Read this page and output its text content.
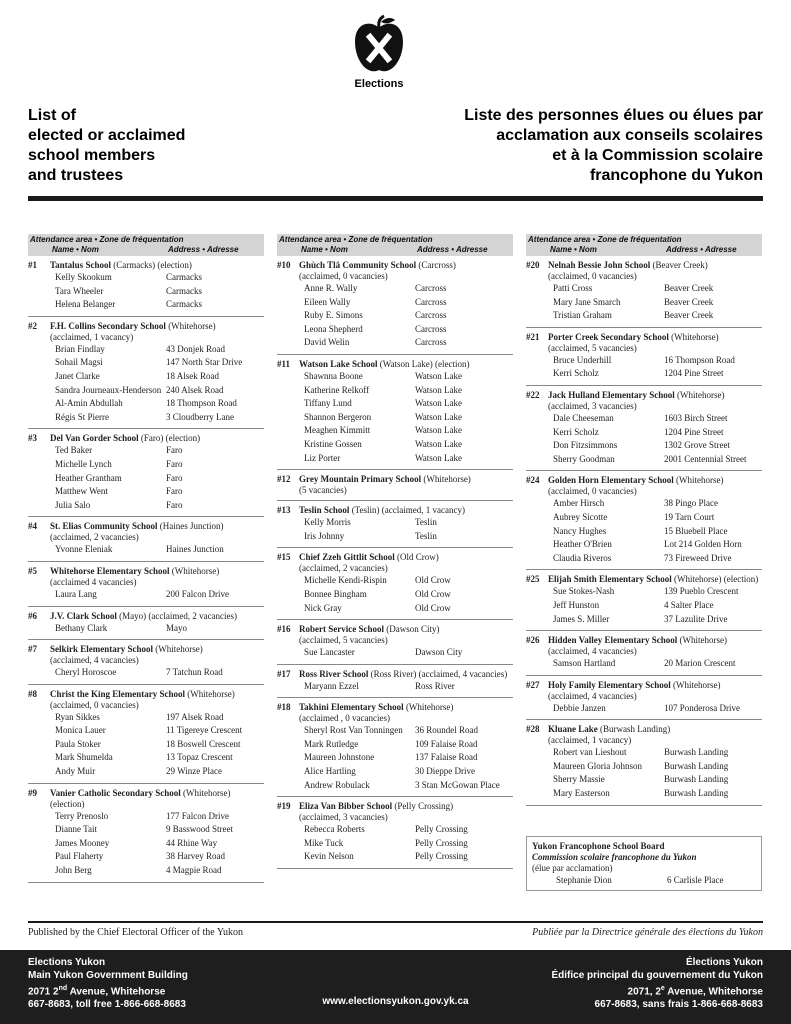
Elections
List of
elected or acclaimed
school members
and trustees
Liste des personnes élues ou élues par
acclamation aux conseils scolaires
et à la Commission scolaire
francophone du Yukon
Attendance area • Zone de fréquentation
Name • Nom	Address • Adresse
#1	Tantalus School (Carmacks) (election)
Kelly Skookum	Carmacks
Tara Wheeler	Carmacks
Helena Belanger	Carmacks
#2	F.H. Collins Secondary School (Whitehorse)
(acclaimed, 1 vacancy)
Brian Findlay	43 Donjek Road
Sohail Magsi	147 North Star Drive
Janet Clarke	18 Alsek Road
Sandra Journeaux-Henderson 240 Alsek Road
Al-Amin Abdullah	18 Thompson Road
Régis St Pierre	3 Cloudberry Lane
#3	Del Van Gorder School (Faro) (election)
Ted Baker	Faro
Michelle Lynch	Faro
Heather Grantham	Faro
Matthew Went	Faro
Julia Salo	Faro
#4	St. Elias Community School (Haines Junction)
(acclaimed, 2 vacancies)
Yvonne Eleniak	Haines Junction
#5	Whitehorse Elementary School (Whitehorse)
(acclaimed 4 vacancies)
Laura Lang	200 Falcon Drive
#6	J.V. Clark School (Mayo) (acclaimed, 2 vacancies)
Bethany Clark	Mayo
#7	Selkirk Elementary School (Whitehorse)
(acclaimed, 4 vacancies)
Cheryl Horoscoe	7 Tatchun Road
#8	Christ the King Elementary School (Whitehorse)
(acclaimed, 0 vacancies)
Ryan Sikkes	197 Alsek Road
Monica Lauer	11 Tigereye Crescent
Paula Stoker	18 Boswell Crescent
Mark Shumelda	13 Topaz Crescent
Andy Muir	29 Winze Place
#9	Vanier Catholic Secondary School (Whitehorse)
(election)
Terry Prenoslo	177 Falcon Drive
Dianne Tait	9 Basswood Street
James Mooney	44 Rhine Way
Paul Flaherty	38 Harvey Road
John Berg	4 Magpie Road
Attendance area • Zone de fréquentation
Name • Nom	Address • Adresse
#10 Ghùch Tlâ Community School (Carcross)
(acclaimed, 0 vacancies)
Anne R. Wally	Carcross
Eileen Wally	Carcross
Ruby E. Simons	Carcross
Leona Shepherd	Carcross
David Welin	Carcross
#11 Watson Lake School (Watson Lake) (election)
Shawnna Boone	Watson Lake
Katherine Relkoff	Watson Lake
Tiffany Lund	Watson Lake
Shannon Bergeron	Watson Lake
Meaghen Kimmitt	Watson Lake
Kristine Gossen	Watson Lake
Liz Porter	Watson Lake
#12 Grey Mountain Primary School (Whitehorse)
(5 vacancies)
#13 Teslin School (Teslin) (acclaimed, 1 vacancy)
Kelly Morris	Teslin
Iris Johnny	Teslin
#15 Chief Zzeh Gittlit School (Old Crow)
(acclaimed, 2 vacancies)
Michelle Kendi-Rispin	Old Crow
Bonnee Bingham	Old Crow
Nick Gray	Old Crow
#16 Robert Service School (Dawson City)
(acclaimed, 5 vacancies)
Sue Lancaster	Dawson City
#17 Ross River School (Ross River) (acclaimed, 4 vacancies)
Maryann Ezzel	Ross River
#18 Takhini Elementary School (Whitehorse)
(acclaimed , 0 vacancies)
Sheryl Rost Van Tonningen	36 Roundel Road
Mark Rutledge	109 Falaise Road
Maureen Johnstone	137 Falaise Road
Alice Hartling	30 Dieppe Drive
Andrew Robulack	3 Stan McGowan Place
#19 Eliza Van Bibber School (Pelly Crossing)
(acclaimed, 3 vacancies)
Rebecca Roberts	Pelly Crossing
Mike Tuck	Pelly Crossing
Kevin Nelson	Pelly Crossing
Attendance area • Zone de fréquentation
Name • Nom	Address • Adresse
#20 Nelnah Bessie John School (Beaver Creek)
(acclaimed, 0 vacancies)
Patti Cross	Beaver Creek
Mary Jane Smarch	Beaver Creek
Tristian Graham	Beaver Creek
#21 Porter Creek Secondary School (Whitehorse)
(acclaimed, 5 vacancies)
Bruce Underhill	16 Thompson Road
Kerri Scholz	1204 Pine Street
#22 Jack Hulland Elementary School (Whitehorse)
(acclaimed, 3 vacancies)
Dale Cheeseman	1603 Birch Street
Kerri Scholz	1204 Pine Street
Don Fitzsimmons	1302 Grove Street
Sherry Goodman	2001 Centennial Street
#24 Golden Horn Elementary School (Whitehorse)
(acclaimed, 0 vacancies)
Amber Hirsch	38 Pingo Place
Aubrey Sicotte	19 Tarn Court
Nancy Hughes	15 Bluebell Place
Heather O'Brien	Lot 214 Golden Horn
Claudia Riveros	73 Fireweed Drive
#25 Elijah Smith Elementary School (Whitehorse) (election)
Sue Stokes-Nash	139 Pueblo Crescent
Jeff Hunston	4 Salter Place
James S. Miller	37 Lazulite Drive
#26 Hidden Valley Elementary School (Whitehorse)
(acclaimed, 4 vacancies)
Samson Hartland	20 Marion Crescent
#27 Holy Family Elementary School (Whitehorse)
(acclaimed, 4 vacancies)
Debbie Janzen	107 Ponderosa Drive
#28 Kluane Lake (Burwash Landing)
(acclaimed, 1 vacancy)
Robert van Lieshout	Burwash Landing
Maureen Gloria Johnson	Burwash Landing
Sherry Massie	Burwash Landing
Mary Easterson	Burwash Landing
Yukon Francophone School Board
Commission scolaire francophone du Yukon
(élue par acclamation)
Stephanie Dion	6 Carlisle Place
Published by the Chief Electoral Officer of the Yukon	Publiée par la Directrice générale des élections du Yukon
Elections Yukon
Main Yukon Government Building
2071 2nd Avenue, Whitehorse
667-8683, toll free 1-866-668-8683
Élections Yukon
Édifice principal du gouvernement du Yukon
2071, 2e Avenue, Whitehorse
667-8683, sans frais 1-866-668-8683
www.electionsyukon.gov.yk.ca
